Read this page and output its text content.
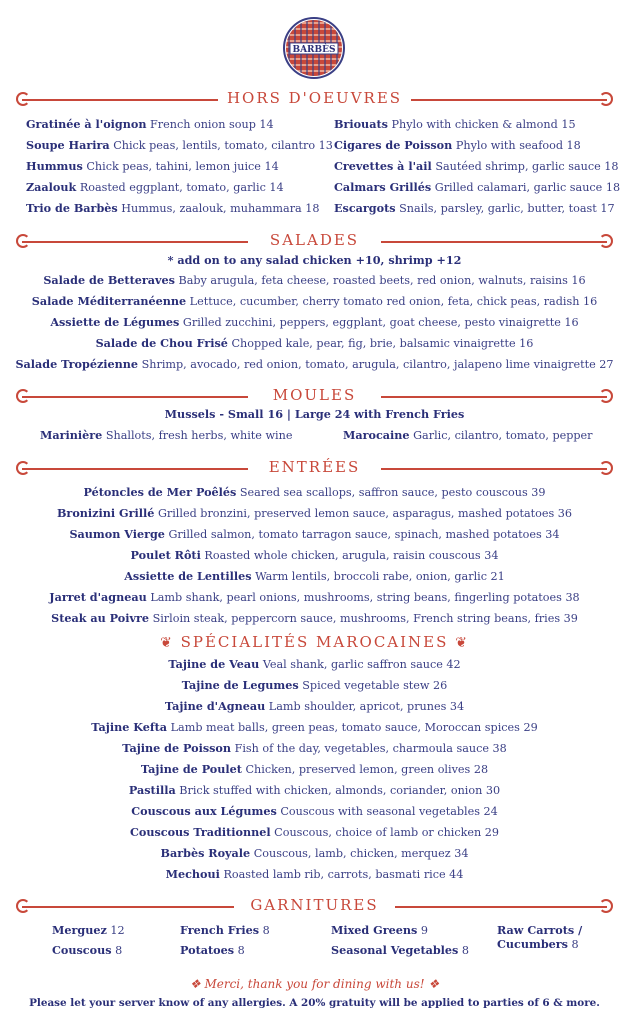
BARBÈS
HORS D'OEUVRES
Gratinée à l'oignon French onion soup 14
Soupe Harira Chick peas, lentils, tomato, cilantro 13
Hummus Chick peas, tahini, lemon juice 14
Zaalouk Roasted eggplant, tomato, garlic 14
Trio de Barbès Hummus, zaalouk, muhammara 18
Briouats Phylo with chicken & almond 15
Cigares de Poisson Phylo with seafood 18
Crevettes à l'ail Sautéed shrimp, garlic sauce 18
Calmars Grillés Grilled calamari, garlic sauce 18
Escargots Snails, parsley, garlic, butter, toast 17
SALADES
* add on to any salad chicken +10, shrimp +12
Salade de Betteraves Baby arugula, feta cheese, roasted beets, red onion, walnuts, raisins 16
Salade Méditerranéenne Lettuce, cucumber, cherry tomato red onion, feta, chick peas, radish 16
Assiette de Légumes Grilled zucchini, peppers, eggplant, goat cheese, pesto vinaigrette 16
Salade de Chou Frisé Chopped kale, pear, fig, brie, balsamic vinaigrette 16
Salade Tropézienne Shrimp, avocado, red onion, tomato, arugula, cilantro, jalapeno lime vinaigrette 27
MOULES
Mussels - Small 16 | Large 24 with French Fries
Marinière Shallots, fresh herbs, white wine	Marocaine Garlic, cilantro, tomato, pepper
ENTRÉES
Pétoncles de Mer Poêlés Seared sea scallops, saffron sauce, pesto couscous 39
Bronizini Grillé Grilled bronzini, preserved lemon sauce, asparagus, mashed potatoes 36
Saumon Vierge Grilled salmon, tomato tarragon sauce, spinach, mashed potatoes 34
Poulet Rôti Roasted whole chicken, arugula, raisin couscous 34
Assiette de Lentilles Warm lentils, broccoli rabe, onion, garlic 21
Jarret d'agneau Lamb shank, pearl onions, mushrooms, string beans, fingerling potatoes 38
Steak au Poivre Sirloin steak, peppercorn sauce, mushrooms, French string beans, fries 39
❦ SPÉCIALITÉS MAROCAINES ❦
Tajine de Veau Veal shank, garlic saffron sauce 42
Tajine de Legumes Spiced vegetable stew 26
Tajine d'Agneau Lamb shoulder, apricot, prunes 34
Tajine Kefta Lamb meat balls, green peas, tomato sauce, Moroccan spices 29
Tajine de Poisson Fish of the day, vegetables, charmoula sauce 38
Tajine de Poulet Chicken, preserved lemon, green olives 28
Pastilla Brick stuffed with chicken, almonds, coriander, onion 30
Couscous aux Légumes Couscous with seasonal vegetables 24
Couscous Traditionnel Couscous, choice of lamb or chicken 29
Barbès Royale Couscous, lamb, chicken, merquez 34
Mechoui Roasted lamb rib, carrots, basmati rice 44
GARNITURES
Merguez 12
Couscous 8
French Fries 8
Potatoes 8
Mixed Greens 9
Seasonal Vegetables 8
Raw Carrots /
Cucumbers 8
❖ Merci, thank you for dining with us! ❖
Please let your server know of any allergies. A 20% gratuity will be applied to parties of 6 & more.
